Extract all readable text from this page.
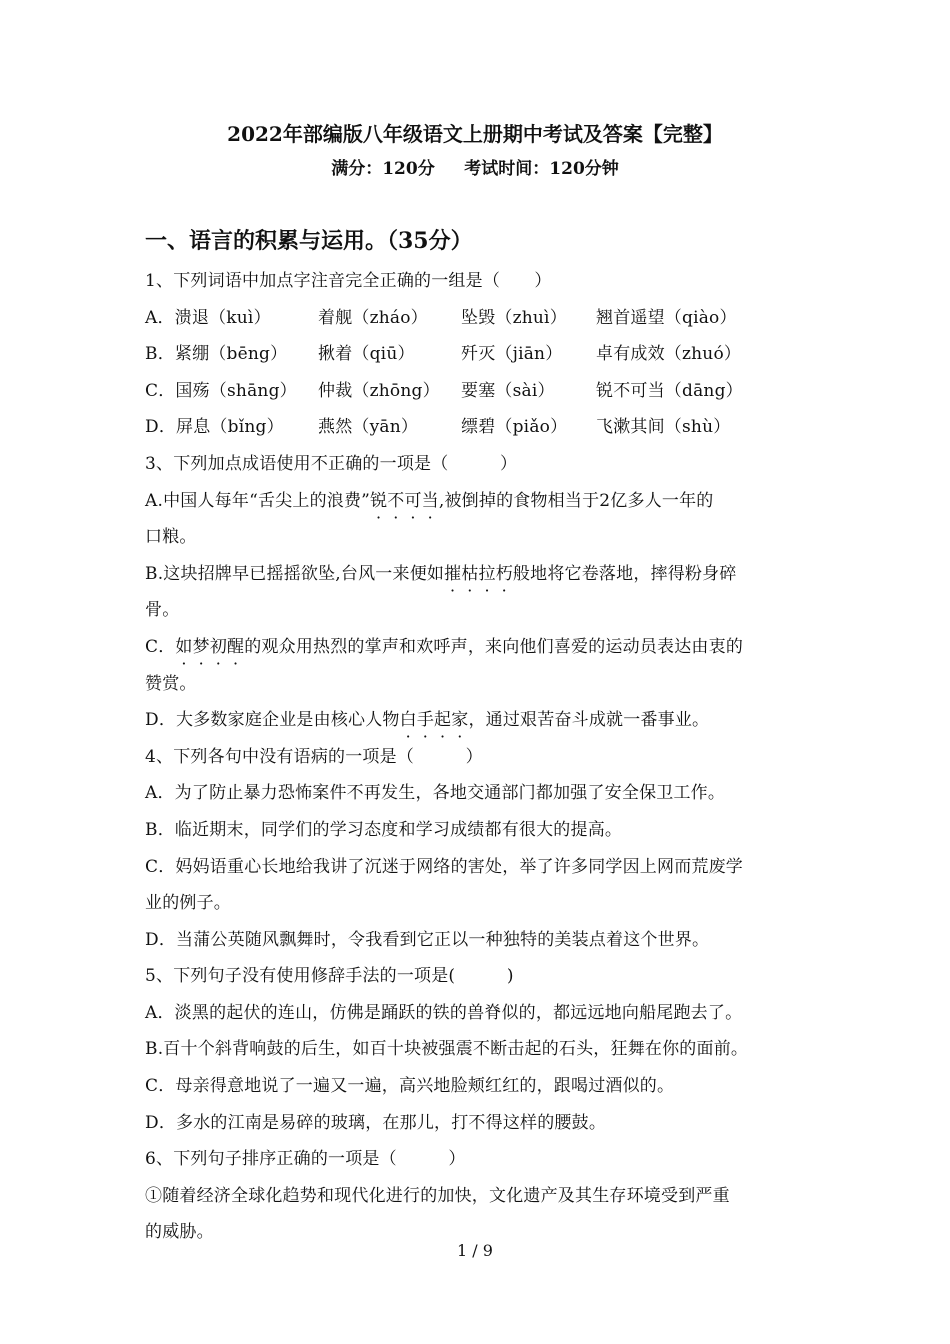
2022年部编版八年级语文上册期中考试及答案【完整】
满分：120分     考试时间：120分钟
一、语言的积累与运用。（35分）
1、下列词语中加点字注音完全正确的一组是（　　）
A．溃退（kuì）	着舰（zháo）	坠毁（zhuì）	翘首遥望（qiào）
B．紧绷（bēng）	揪着（qiū）	歼灭（jiān）	卓有成效（zhuó）
C．国殇（shāng）	仲裁（zhōng）	要塞（sài）	锐不可当（dāng）
D．屏息（bǐng）	燕然（yān）	缥碧（piǎo）	飞漱其间（shù）
3、下列加点成语使用不正确的一项是（　　　）
A.中国人每年“舌尖上的浪费”锐不可当,被倒掉的食物相当于2亿多人一年的
口粮。
B.这块招牌早已摇摇欲坠,台风一来便如摧枯拉朽般地将它卷落地，摔得粉身碎
骨。
C．如梦初醒的观众用热烈的掌声和欢呼声，来向他们喜爱的运动员表达由衷的
赞赏。
D．大多数家庭企业是由核心人物白手起家，通过艰苦奋斗成就一番事业。
4、下列各句中没有语病的一项是（　　　）
A．为了防止暴力恐怖案件不再发生，各地交通部门都加强了安全保卫工作。
B．临近期末，同学们的学习态度和学习成绩都有很大的提高。
C．妈妈语重心长地给我讲了沉迷于网络的害处，举了许多同学因上网而荒废学
业的例子。
D．当蒲公英随风飘舞时，令我看到它正以一种独特的美装点着这个世界。
5、下列句子没有使用修辞手法的一项是(　　　)
A．淡黑的起伏的连山，仿佛是踊跃的铁的兽脊似的，都远远地向船尾跑去了。
B.百十个斜背响鼓的后生，如百十块被强震不断击起的石头，狂舞在你的面前。
C．母亲得意地说了一遍又一遍，高兴地脸颊红红的，跟喝过酒似的。
D．多水的江南是易碎的玻璃，在那儿，打不得这样的腰鼓。
6、下列句子排序正确的一项是（　　　）
①随着经济全球化趋势和现代化进行的加快，文化遗产及其生存环境受到严重
的威胁。
1 / 9
